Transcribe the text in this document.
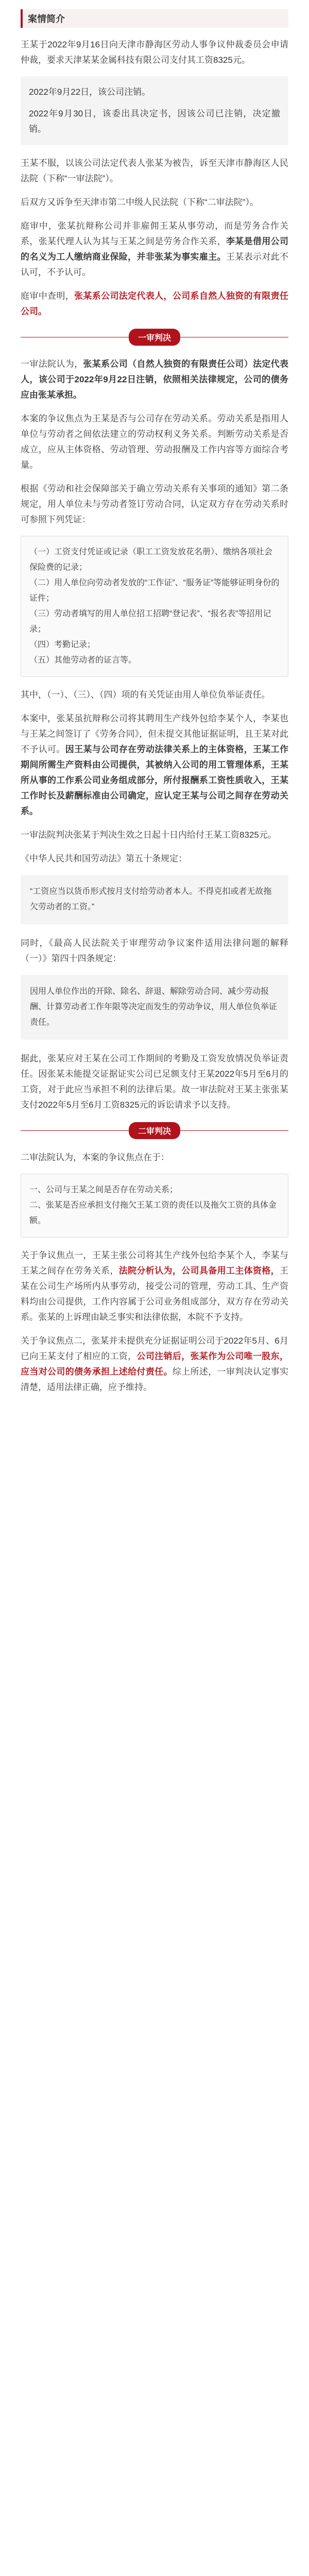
案情简介

王某于2022年9月16日向天津市静海区劳动人事争议仲裁委员会申请仲裁，要求天津某某金属科技有限公司支付其工资8325元。

2022年9月22日，该公司注销。

2022年9月30日，该委出具决定书，因该公司已注销，决定撤销。

王某不服，以该公司法定代表人张某为被告，诉至天津市静海区人民法院（下称“一审法院”）。

后双方又诉争至天津市第二中级人民法院（下称“二审法院”）。

庭审中，张某抗辩称公司并非雇佣王某从事劳动，而是劳务合作关系，张某代理人认为其与王某之间是劳务合作关系，李某是借用公司的名义为工人缴纳商业保险，并非张某为事实雇主。王某表示对此不认可，不予认可。

庭审中查明，张某系公司法定代表人，公司系自然人独资的有限责任公司。

一审判决

一审法院认为，张某系公司（自然人独资的有限责任公司）法定代表人，该公司于2022年9月22日注销，依照相关法律规定，公司的债务应由张某承担。

本案的争议焦点为王某是否与公司存在劳动关系。劳动关系是指用人单位与劳动者之间依法建立的劳动权利义务关系。判断劳动关系是否成立，应从主体资格、劳动管理、劳动报酬及工作内容等方面综合考量。

根据《劳动和社会保障部关于确立劳动关系有关事项的通知》第二条规定，用人单位未与劳动者签订劳动合同，认定双方存在劳动关系时可参照下列凭证：

（一）工资支付凭证或记录（职工工资发放花名册）、缴纳各项社会保险费的记录；
（二）用人单位向劳动者发放的“工作证”、“服务证”等能够证明身份的证件；
（三）劳动者填写的用人单位招工招聘“登记表”、“报名表”等招用记录；
（四）考勤记录；
（五）其他劳动者的证言等。

其中，（一）、（三）、（四）项的有关凭证由用人单位负举证责任。

本案中，张某虽抗辩称公司将其聘用生产线外包给李某个人，李某也与王某之间签订了《劳务合同》，但未提交其他证据证明，且王某对此不予认可。因王某与公司存在劳动法律关系上的主体资格，王某工作期间所需生产资料由公司提供，其被纳入公司的用工管理体系，王某所从事的工作系公司业务组成部分，所付报酬系工资性质收入，王某工作时长及薪酬标准由公司确定，应认定王某与公司之间存在劳动关系。

一审法院判决张某于判决生效之日起十日内给付王某工资8325元。

《中华人民共和国劳动法》第五十条规定：

“工资应当以货币形式按月支付给劳动者本人。不得克扣或者无故拖欠劳动者的工资。”

同时，《最高人民法院关于审理劳动争议案件适用法律问题的解释（一）》第四十四条规定：

因用人单位作出的开除、除名、辞退、解除劳动合同、减少劳动报酬、计算劳动者工作年限等决定而发生的劳动争议，用人单位负举证责任。

据此，张某应对王某在公司工作期间的考勤及工资发放情况负举证责任。因张某未能提交证据证实公司已足额支付王某2022年5月至6月的工资，对于此应当承担不利的法律后果。故一审法院对王某主张张某支付2022年5月至6月工资8325元的诉讼请求予以支持。

二审判决

二审法院认为，本案的争议焦点在于：

一、公司与王某之间是否存在劳动关系；
二、张某是否应承担支付拖欠王某工资的责任以及拖欠工资的具体金额。

关于争议焦点一，王某主张公司将其生产线外包给李某个人，李某与王某之间存在劳务关系，法院分析认为，公司具备用工主体资格，王某在公司生产场所内从事劳动，接受公司的管理，劳动工具、生产资料均由公司提供，工作内容属于公司业务组成部分，双方存在劳动关系。张某的上诉理由缺乏事实和法律依据，本院不予支持。

关于争议焦点二，张某并未提供充分证据证明公司于2022年5月、6月已向王某支付了相应的工资，公司注销后，张某作为公司唯一股东，应当对公司的债务承担上述给付责任。综上所述，一审判决认定事实清楚，适用法律正确，应予维持。
